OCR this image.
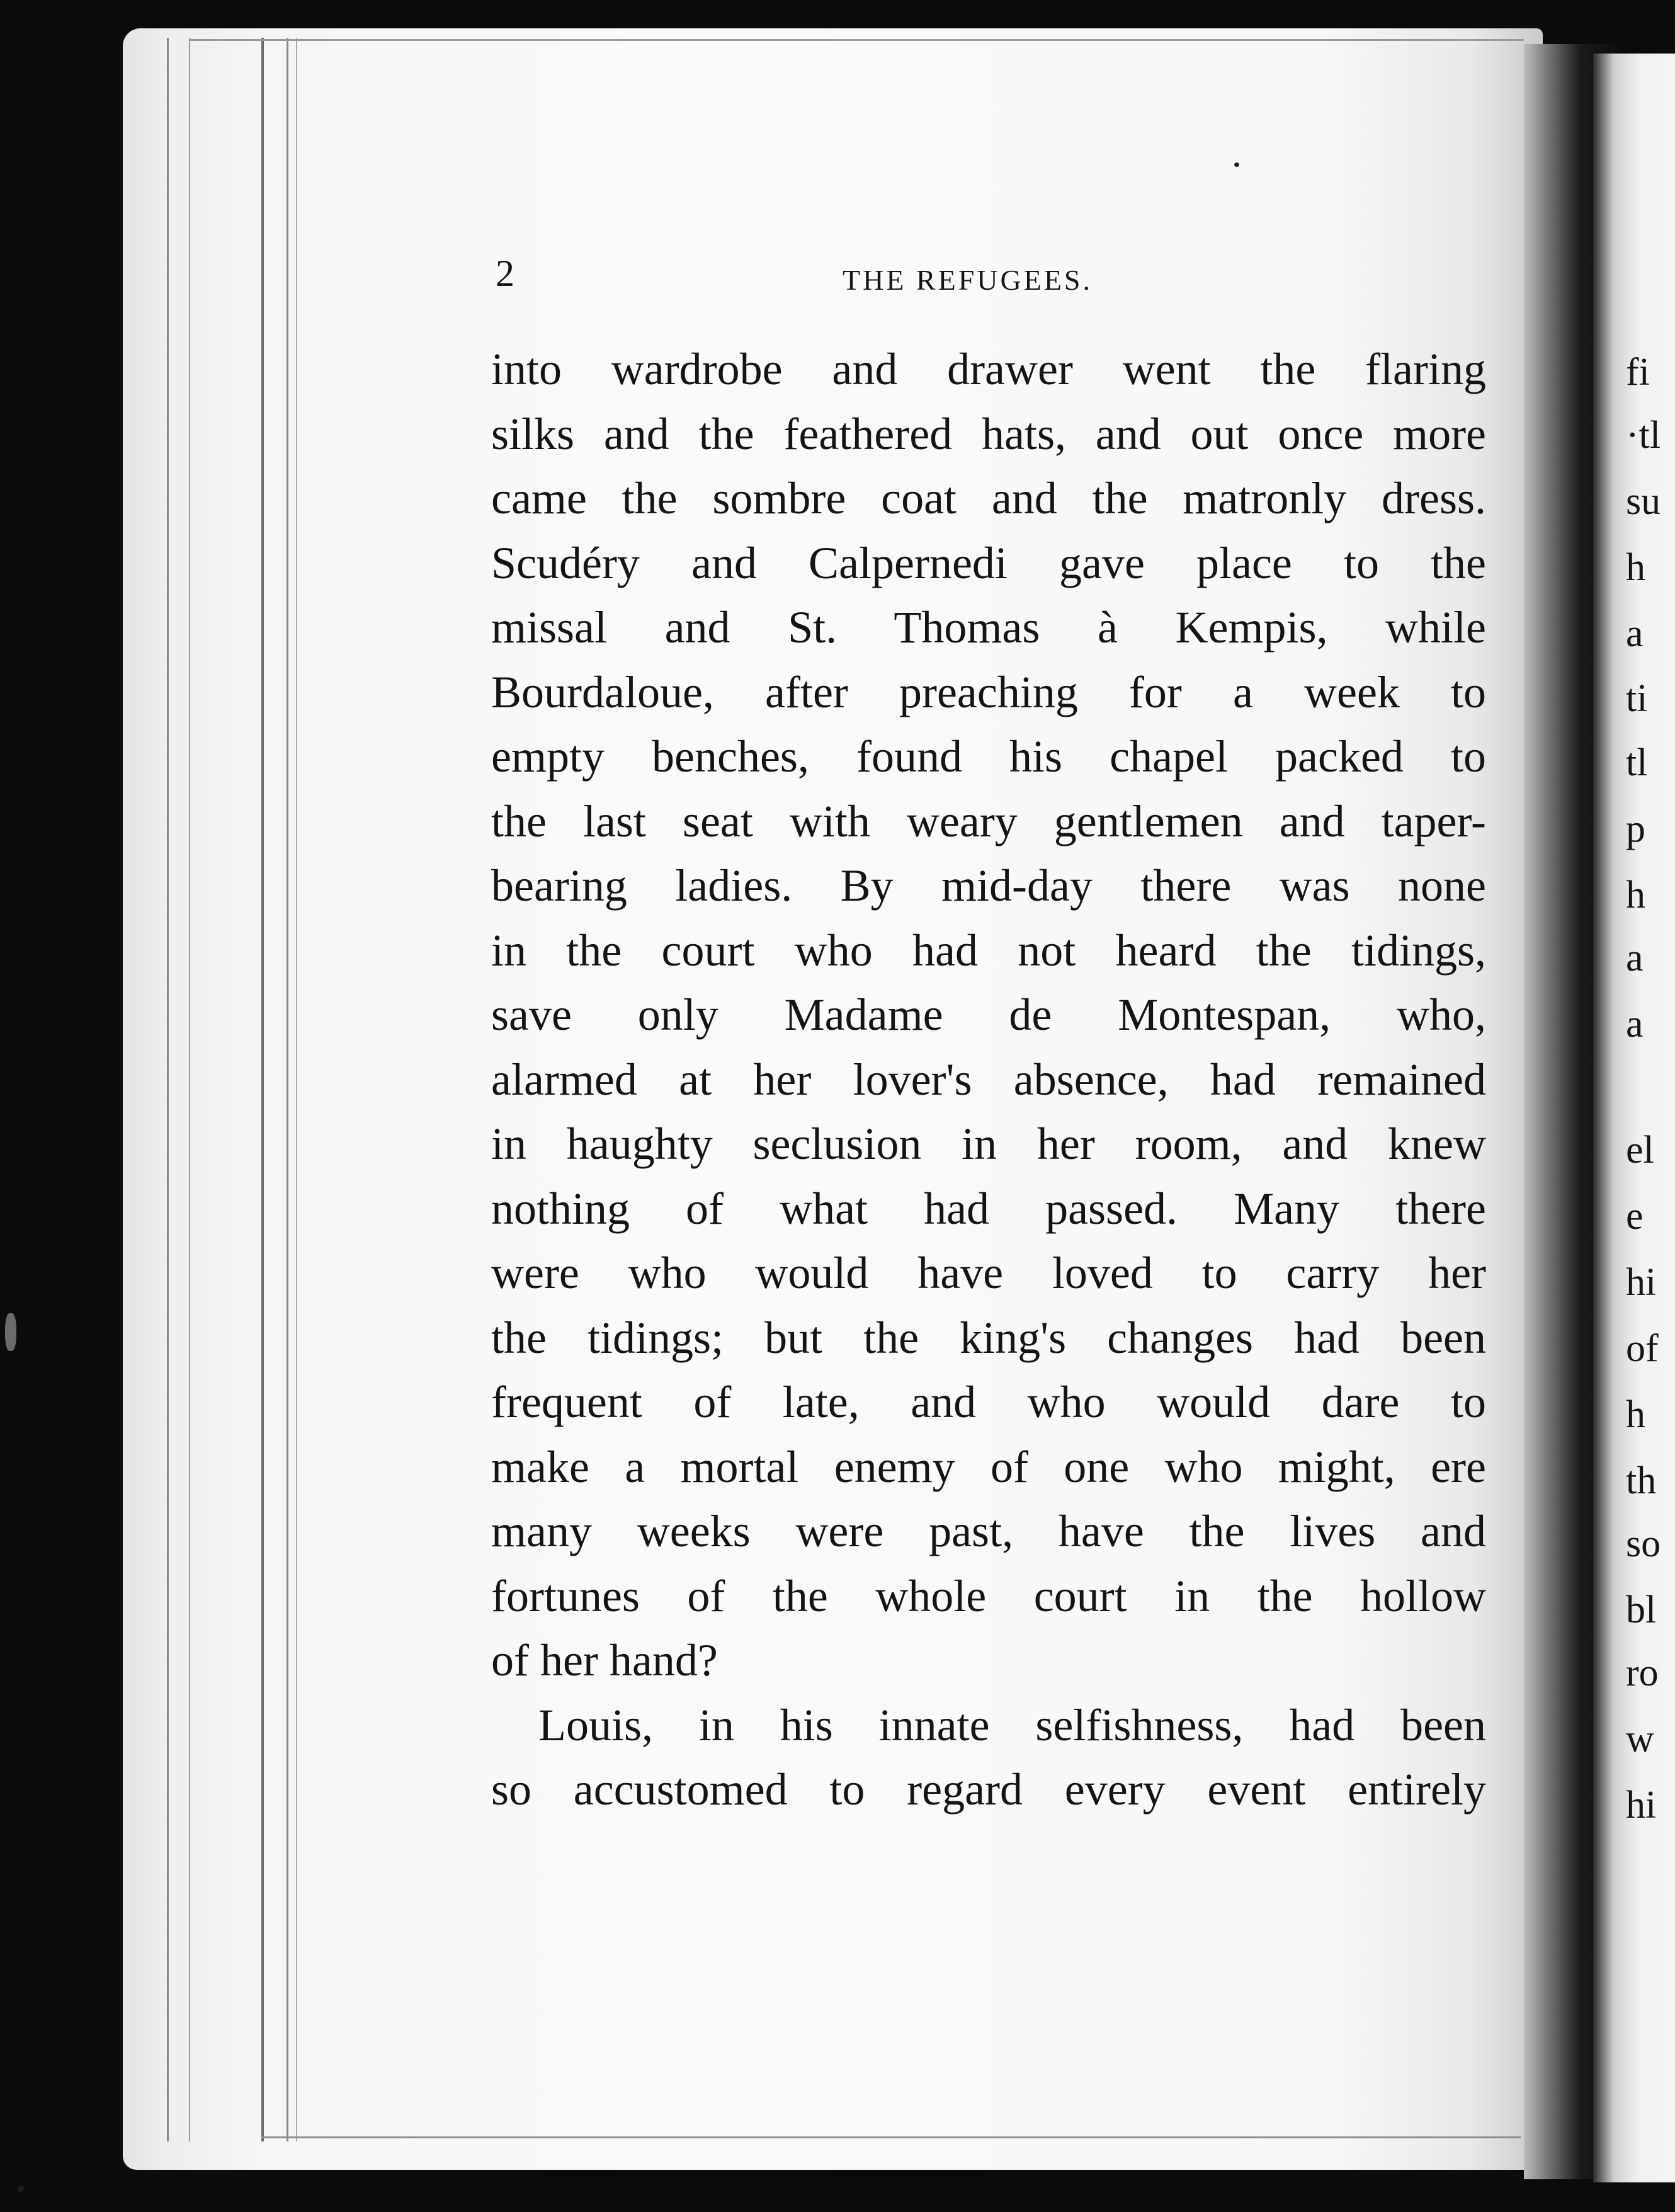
fi
·tl
su
h
a
ti
tl
p
h
a
a
el
e
hi
of
h
th
so
bl
ro
w
hi
2	THE REFUGEES.
into wardrobe and drawer went the flaring
silks and the feathered hats, and out once more
came the sombre coat and the matronly dress.
Scudéry and Calpernedi gave place to the
missal and St. Thomas à Kempis, while
Bourdaloue, after preaching for a week to
empty benches, found his chapel packed to
the last seat with weary gentlemen and taper-
bearing ladies. By mid-day there was none
in the court who had not heard the tidings,
save only Madame de Montespan, who,
alarmed at her lover's absence, had remained
in haughty seclusion in her room, and knew
nothing of what had passed. Many there
were who would have loved to carry her
the tidings; but the king's changes had been
frequent of late, and who would dare to
make a mortal enemy of one who might, ere
many weeks were past, have the lives and
fortunes of the whole court in the hollow
of her hand?
Louis, in his innate selfishness, had been
so accustomed to regard every event entirely
